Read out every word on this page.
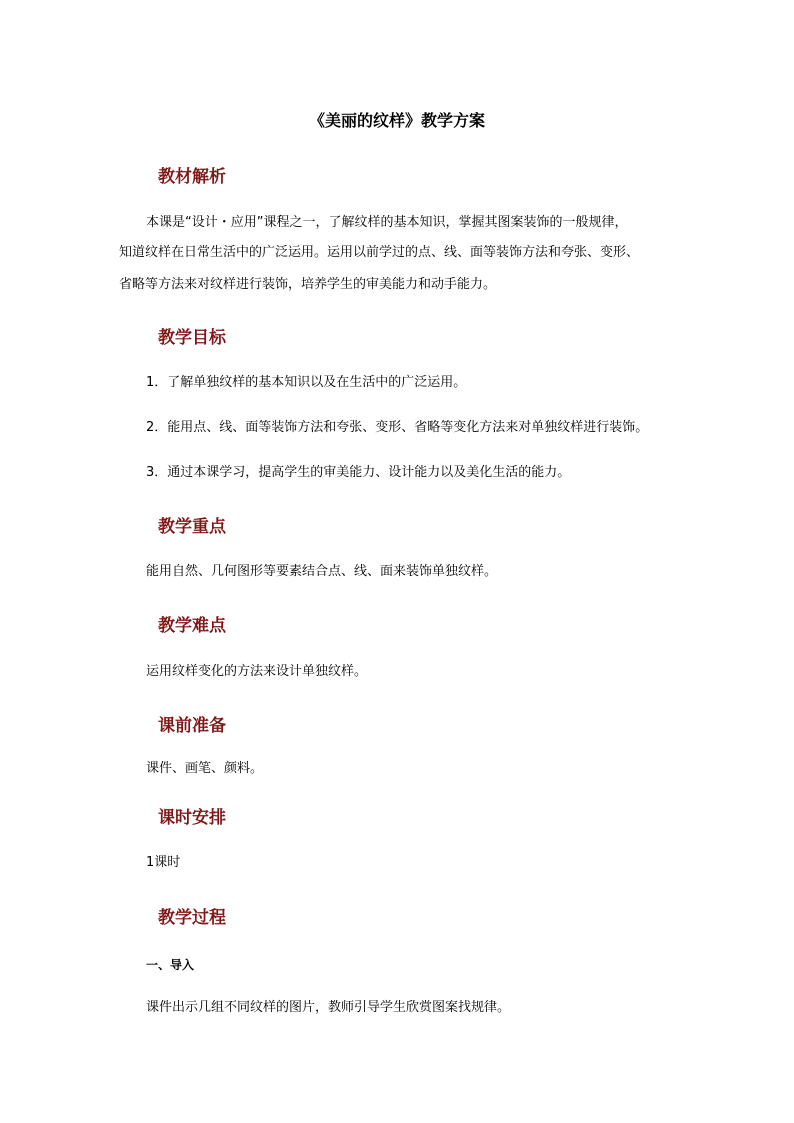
《美丽的纹样》教学方案
教材解析
本课是“设计・应用”课程之一，了解纹样的基本知识，掌握其图案装饰的一般规律，
知道纹样在日常生活中的广泛运用。运用以前学过的点、线、面等装饰方法和夸张、变形、
省略等方法来对纹样进行装饰，培养学生的审美能力和动手能力。
教学目标
1．了解单独纹样的基本知识以及在生活中的广泛运用。
2．能用点、线、面等装饰方法和夸张、变形、省略等变化方法来对单独纹样进行装饰。
3．通过本课学习，提高学生的审美能力、设计能力以及美化生活的能力。
教学重点
能用自然、几何图形等要素结合点、线、面来装饰单独纹样。
教学难点
运用纹样变化的方法来设计单独纹样。
课前准备
课件、画笔、颜料。
课时安排
1课时
教学过程
一、导入
课件出示几组不同纹样的图片，教师引导学生欣赏图案找规律。
